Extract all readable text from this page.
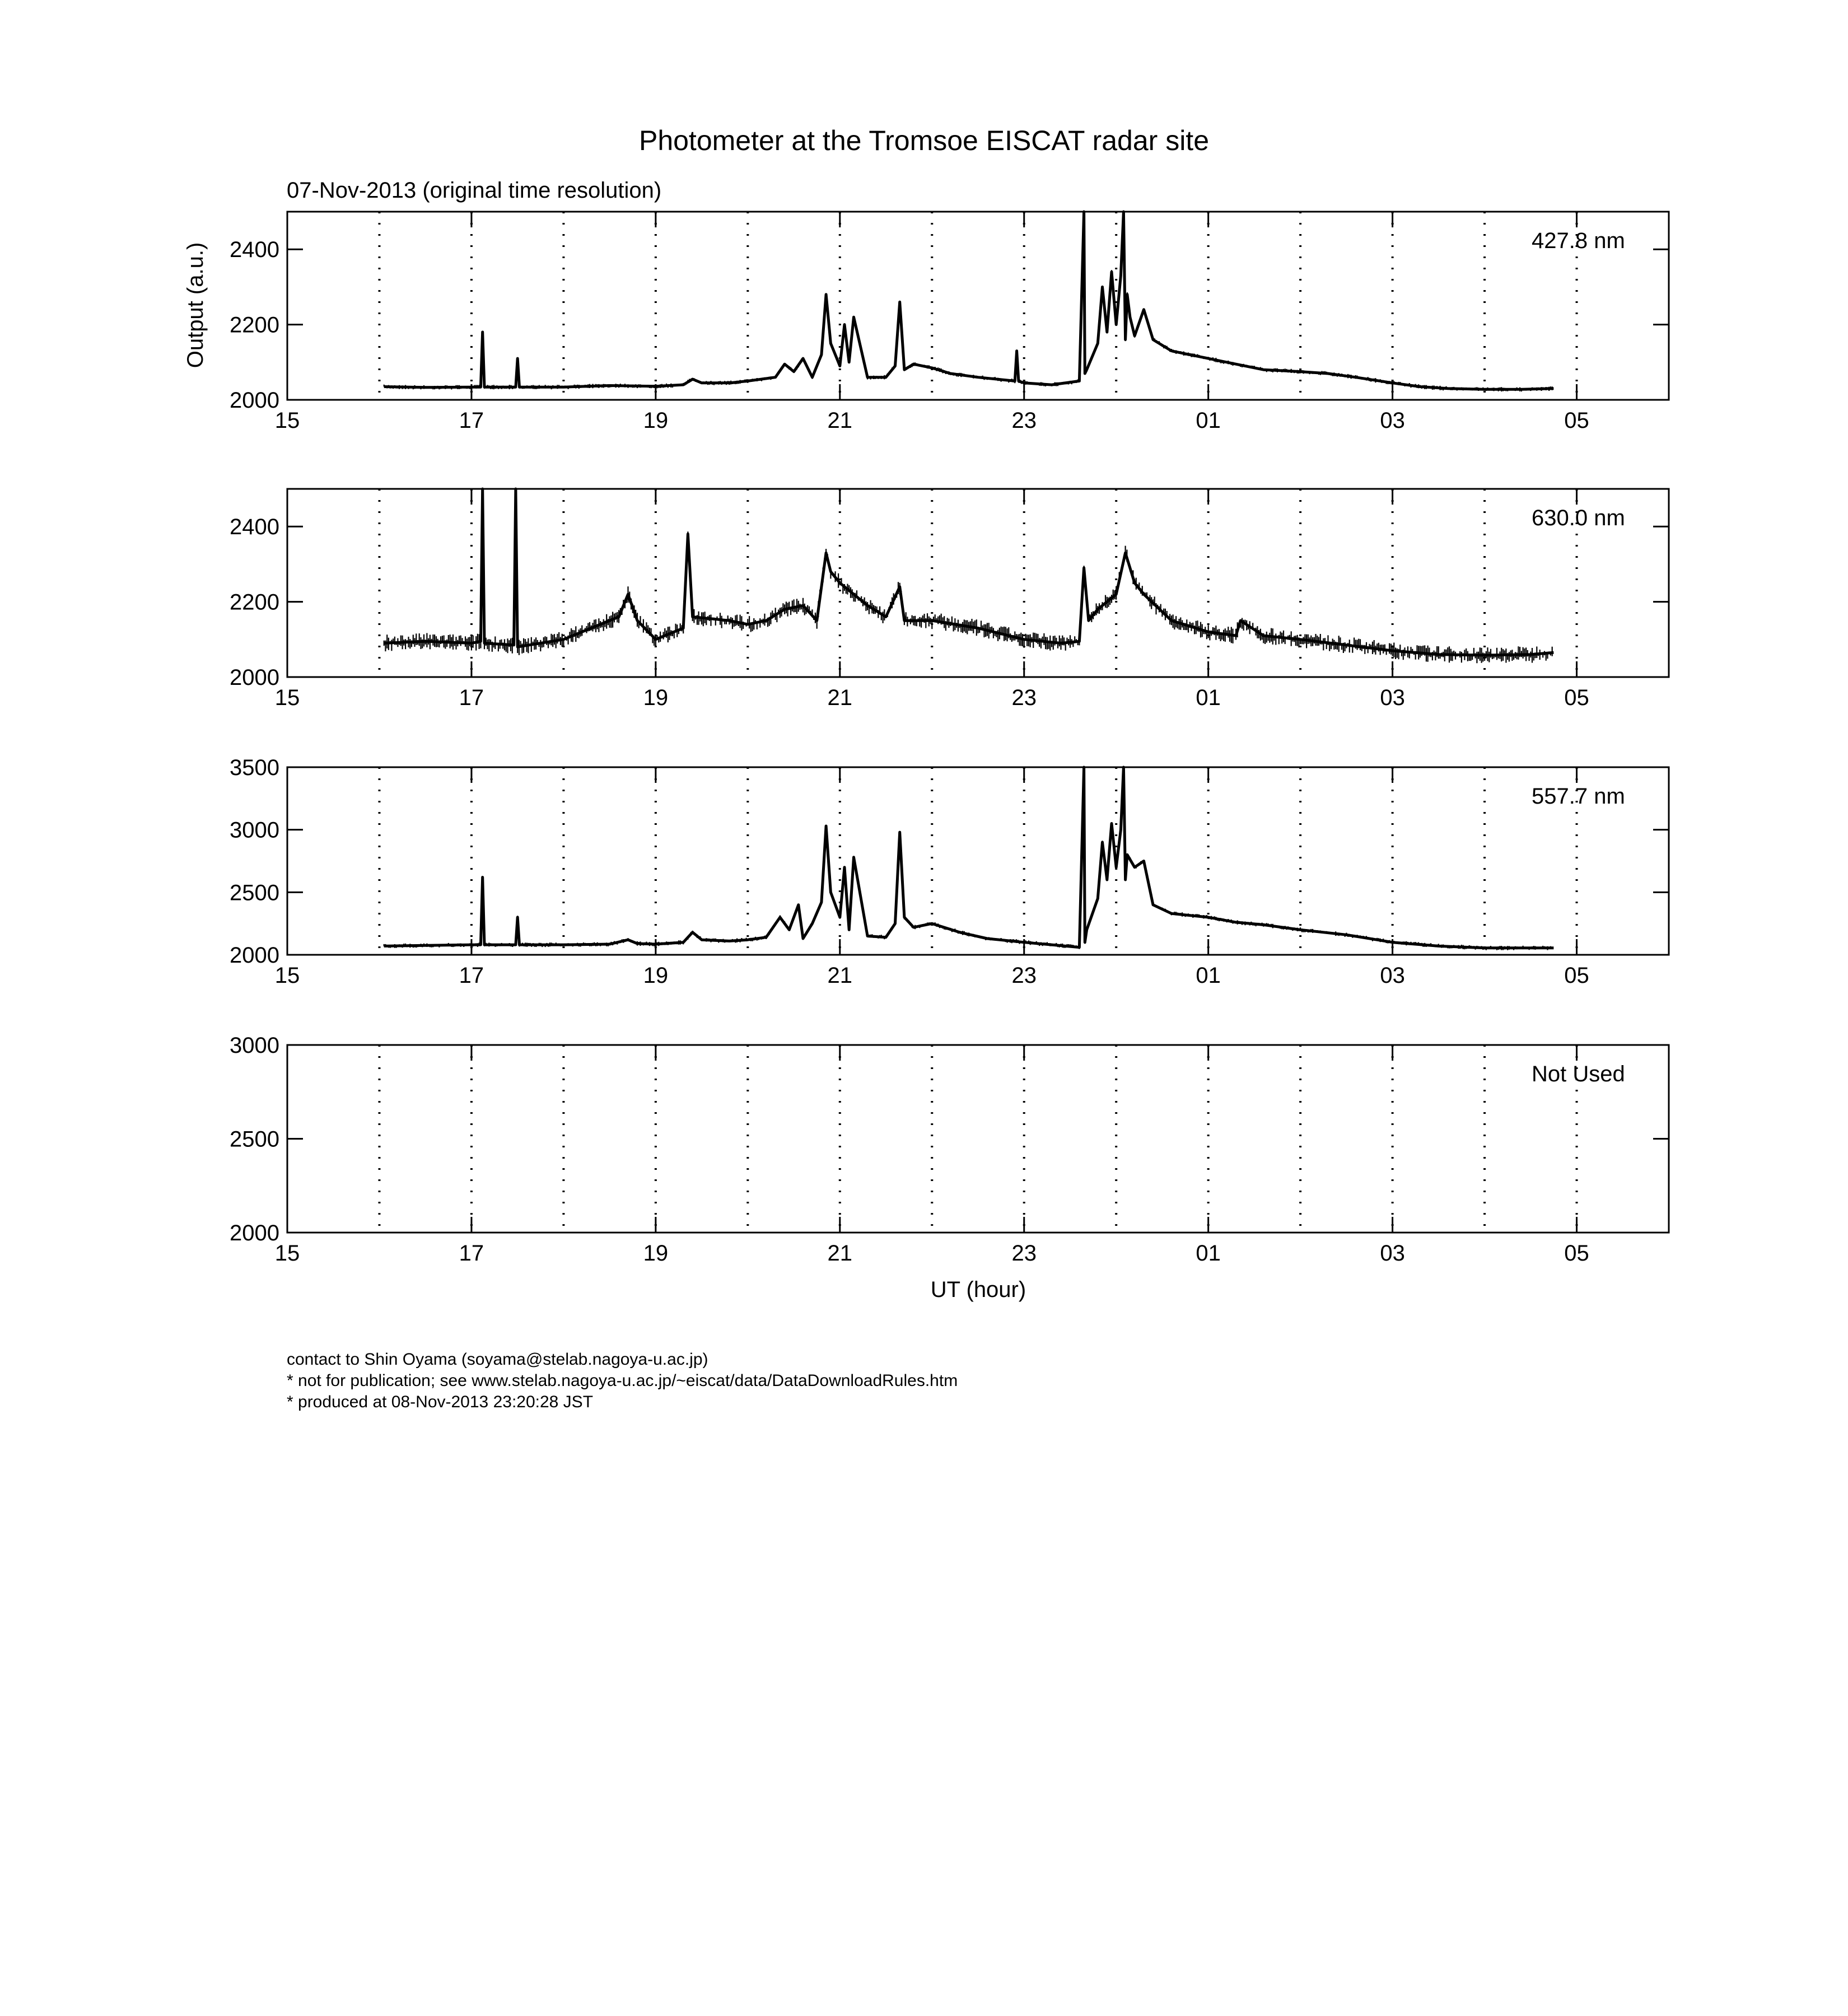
Photometer at the Tromsoe EISCAT radar site
07-Nov-2013 (original time resolution)
15	17	19	21	23	01	03	05
2000
2200
2400	427.8 nm
15	17	19	21	23	01	03	05
2000
2200
2400	630.0 nm
15	17	19	21	23	01	03	05
2000
2500
3000
3500
557.7 nm
15	17	19	21	23	01	03	05
2000
2500
3000
Not Used
Output (a.u.)
UT (hour)
contact to Shin Oyama (soyama@stelab.nagoya-u.ac.jp)
* not for publication; see www.stelab.nagoya-u.ac.jp/~eiscat/data/DataDownloadRules.htm
* produced at 08-Nov-2013 23:20:28 JST
